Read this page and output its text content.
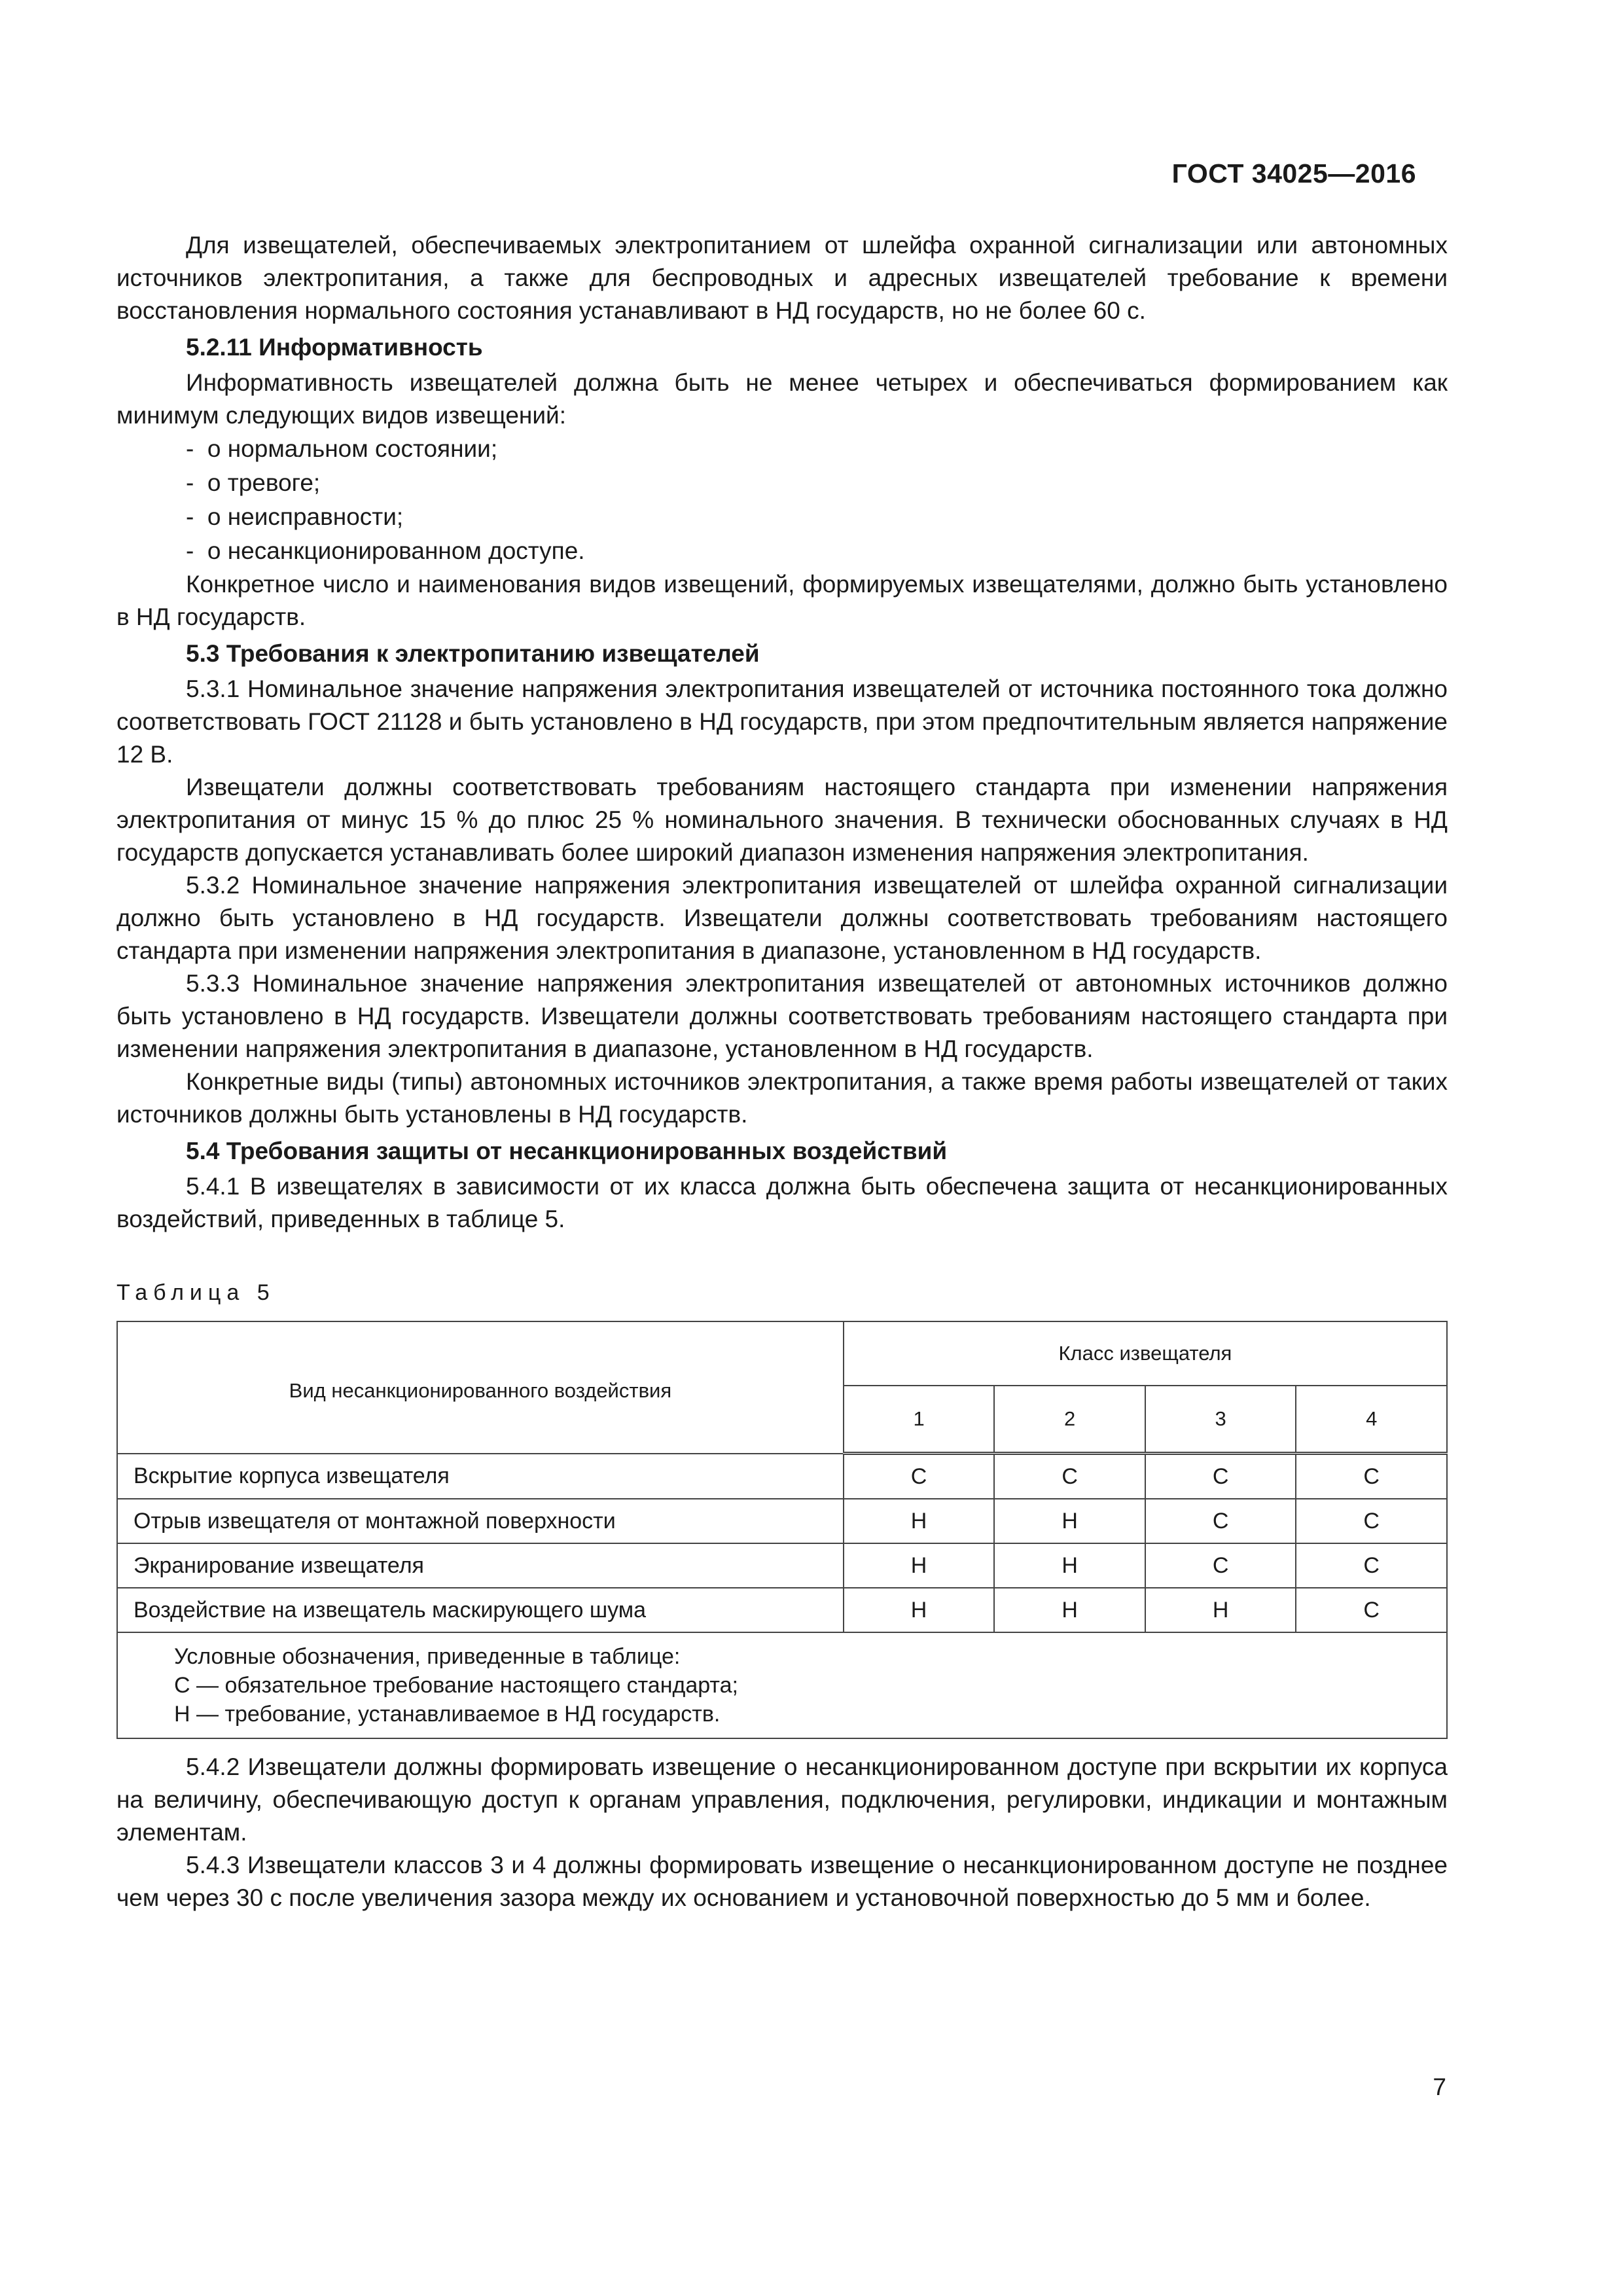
ГОСТ 34025—2016

Для извещателей, обеспечиваемых электропитанием от шлейфа охранной сигнализации или автономных источников электропитания, а также для беспроводных и адресных извещателей требование к времени восстановления нормального состояния устанавливают в НД государств, но не более 60 с.

5.2.11 Информативность

Информативность извещателей должна быть не менее четырех и обеспечиваться формированием как минимум следующих видов извещений:

-  о нормальном состоянии;
-  о тревоге;
-  о неисправности;
-  о несанкционированном доступе.

Конкретное число и наименования видов извещений, формируемых извещателями, должно быть установлено в НД государств.

5.3 Требования к электропитанию извещателей

5.3.1 Номинальное значение напряжения электропитания извещателей от источника постоянного тока должно соответствовать ГОСТ 21128 и быть установлено в НД государств, при этом предпочтительным является напряжение 12 В.

Извещатели должны соответствовать требованиям настоящего стандарта при изменении напряжения электропитания от минус 15 % до плюс 25 % номинального значения. В технически обоснованных случаях в НД государств допускается устанавливать более широкий диапазон изменения напряжения электропитания.

5.3.2 Номинальное значение напряжения электропитания извещателей от шлейфа охранной сигнализации должно быть установлено в НД государств. Извещатели должны соответствовать требованиям настоящего стандарта при изменении напряжения электропитания в диапазоне, установленном в НД государств.

5.3.3 Номинальное значение напряжения электропитания извещателей от автономных источников должно быть установлено в НД государств. Извещатели должны соответствовать требованиям настоящего стандарта при изменении напряжения электропитания в диапазоне, установленном в НД государств.

Конкретные виды (типы) автономных источников электропитания, а также время работы извещателей от таких источников должны быть установлены в НД государств.

5.4 Требования защиты от несанкционированных воздействий

5.4.1 В извещателях в зависимости от их класса должна быть обеспечена защита от несанкционированных воздействий, приведенных в таблице 5.

Таблица 5
Вид несанкционированного воздействия	Класс извещателя			
	1	2	3	4
Вскрытие корпуса извещателя	С	С	С	С
Отрыв извещателя от монтажной поверхности	Н	Н	С	С
Экранирование извещателя	Н	Н	С	С
Воздействие на извещатель маскирующего шума	Н	Н	Н	С

Условные обозначения, приведенные в таблице:
С — обязательное требование настоящего стандарта;
Н — требование, устанавливаемое в НД государств.				

5.4.2 Извещатели должны формировать извещение о несанкционированном доступе при вскрытии их корпуса на величину, обеспечивающую доступ к органам управления, подключения, регулировки, индикации и монтажным элементам.

5.4.3 Извещатели классов 3 и 4 должны формировать извещение о несанкционированном доступе не позднее чем через 30 с после увеличения зазора между их основанием и установочной поверхностью до 5 мм и более.

7
